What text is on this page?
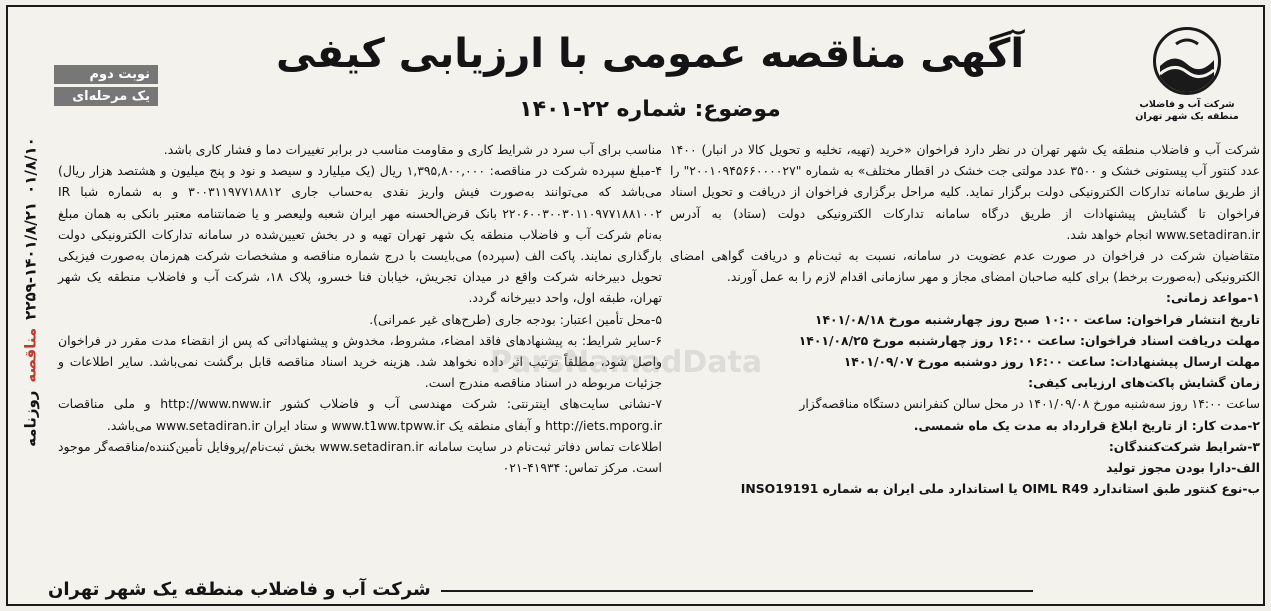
روزنامهمناقصه۲۲۵۹-۱۴۰۱/۸/۲۱۰۱/۸/۱۰
شرکت آب و فاضلاب
منطقه یک شهر تهران
نوبت دوم
یک مرحله‌ای
آگهی مناقصه عمومی با ارزیابی کیفی
موضوع: شماره ۲۲-۱۴۰۱

شرکت آب و فاضلاب منطقه یک شهر تهران در نظر دارد فراخوان «خرید (تهیه، تخلیه و تحویل کالا در انبار) ۱۴۰۰ عدد کنتور آب پیستونی خشک و ۳۵۰۰ عدد مولتی جت خشک در اقطار مختلف» به شماره "۲۰۰۱۰۹۴۵۶۶۰۰۰۰۲۷" را از طریق سامانه تدارکات الکترونیکی دولت برگزار نماید. کلیه مراحل برگزاری فراخوان از دریافت و تحویل اسناد فراخوان تا گشایش پیشنهادات از طریق درگاه سامانه تدارکات الکترونیکی دولت (ستاد) به آدرس www.setadiran.ir انجام خواهد شد.

متقاضیان شرکت در فراخوان در صورت عدم عضویت در سامانه، نسبت به ثبت‌نام و دریافت گواهی امضای الکترونیکی (به‌صورت برخط) برای کلیه صاحبان امضای مجاز و مهر سازمانی اقدام لازم را به عمل آورند.

۱-مواعد زمانی:

تاریخ انتشار فراخوان: ساعت ۱۰:۰۰ صبح روز چهارشنبه مورخ ۱۴۰۱/۰۸/۱۸

مهلت دریافت اسناد فراخوان: ساعت ۱۶:۰۰ روز چهارشنبه مورخ ۱۴۰۱/۰۸/۲۵

مهلت ارسال پیشنهادات: ساعت ۱۶:۰۰ روز دوشنبه مورخ ۱۴۰۱/۰۹/۰۷

زمان گشایش پاکت‌های ارزیابی کیفی:

ساعت ۱۴:۰۰ روز سه‌شنبه مورخ ۱۴۰۱/۰۹/۰۸ در محل سالن کنفرانس دستگاه مناقصه‌گزار

۲-مدت کار: از تاریخ ابلاغ قرارداد به مدت یک ماه شمسی.

۳-شرایط شرکت‌کنندگان:

الف-دارا بودن مجوز تولید

ب-نوع کنتور طبق استاندارد OIML R49 یا استاندارد ملی ایران به شماره INSO19191

مناسب برای آب سرد در شرایط کاری و مقاومت مناسب در برابر تغییرات دما و فشار کاری باشد.

۴-مبلغ سپرده شرکت در مناقصه: ۱,۳۹۵,۸۰۰,۰۰۰ ریال (یک میلیارد و سیصد و نود و پنج میلیون و هشتصد هزار ریال) می‌باشد که می‌توانند به‌صورت فیش واریز نقدی به‌حساب جاری ۳۰۰۳۱۱۹۷۷۱۸۸۱۲ و به شماره شبا IR ۲۲۰۶۰۰۳۰۰۳۰۱۱۰۹۷۷۱۸۸۱۰۰۲ بانک قرض‌الحسنه مهر ایران شعبه ولیعصر و یا ضمانتنامه معتبر بانکی به همان مبلغ به‌نام شرکت آب و فاضلاب منطقه یک شهر تهران تهیه و در بخش تعیین‌شده در سامانه تدارکات الکترونیکی دولت بارگذاری نمایند. پاکت الف (سپرده) می‌بایست با درج شماره مناقصه و مشخصات شرکت هم‌زمان به‌صورت فیزیکی تحویل دبیرخانه شرکت واقع در میدان تجریش، خیابان فنا خسرو، پلاک ۱۸، شرکت آب و فاضلاب منطقه یک شهر تهران، طبقه اول، واحد دبیرخانه گردد.

۵-محل تأمین اعتبار: بودجه جاری (طرح‌های غیر عمرانی).

۶-سایر شرایط: به پیشنهادهای فاقد امضاء، مشروط، مخدوش و پیشنهاداتی که پس از انقضاء مدت مقرر در فراخوان واصل شود، مطلقاً ترتیب اثر داده نخواهد شد. هزینه خرید اسناد مناقصه قابل برگشت نمی‌باشد. سایر اطلاعات و جزئیات مربوطه در اسناد مناقصه مندرج است.

۷-نشانی سایت‌های اینترنتی: شرکت مهندسی آب و فاضلاب کشور http://www.nww.ir و ملی مناقصات http://iets.mporg.ir و آبفای منطقه یک www.t1ww.tpww.ir و ستاد ایران www.setadiran.ir می‌باشد.

اطلاعات تماس دفاتر ثبت‌نام در سایت سامانه www.setadiran.ir بخش ثبت‌نام/پروفایل تأمین‌کننده/مناقصه‌گر موجود است. مرکز تماس: ۴۱۹۳۴-۰۲۱

ParsNamadData
شرکت آب و فاضلاب منطقه یک شهر تهران
